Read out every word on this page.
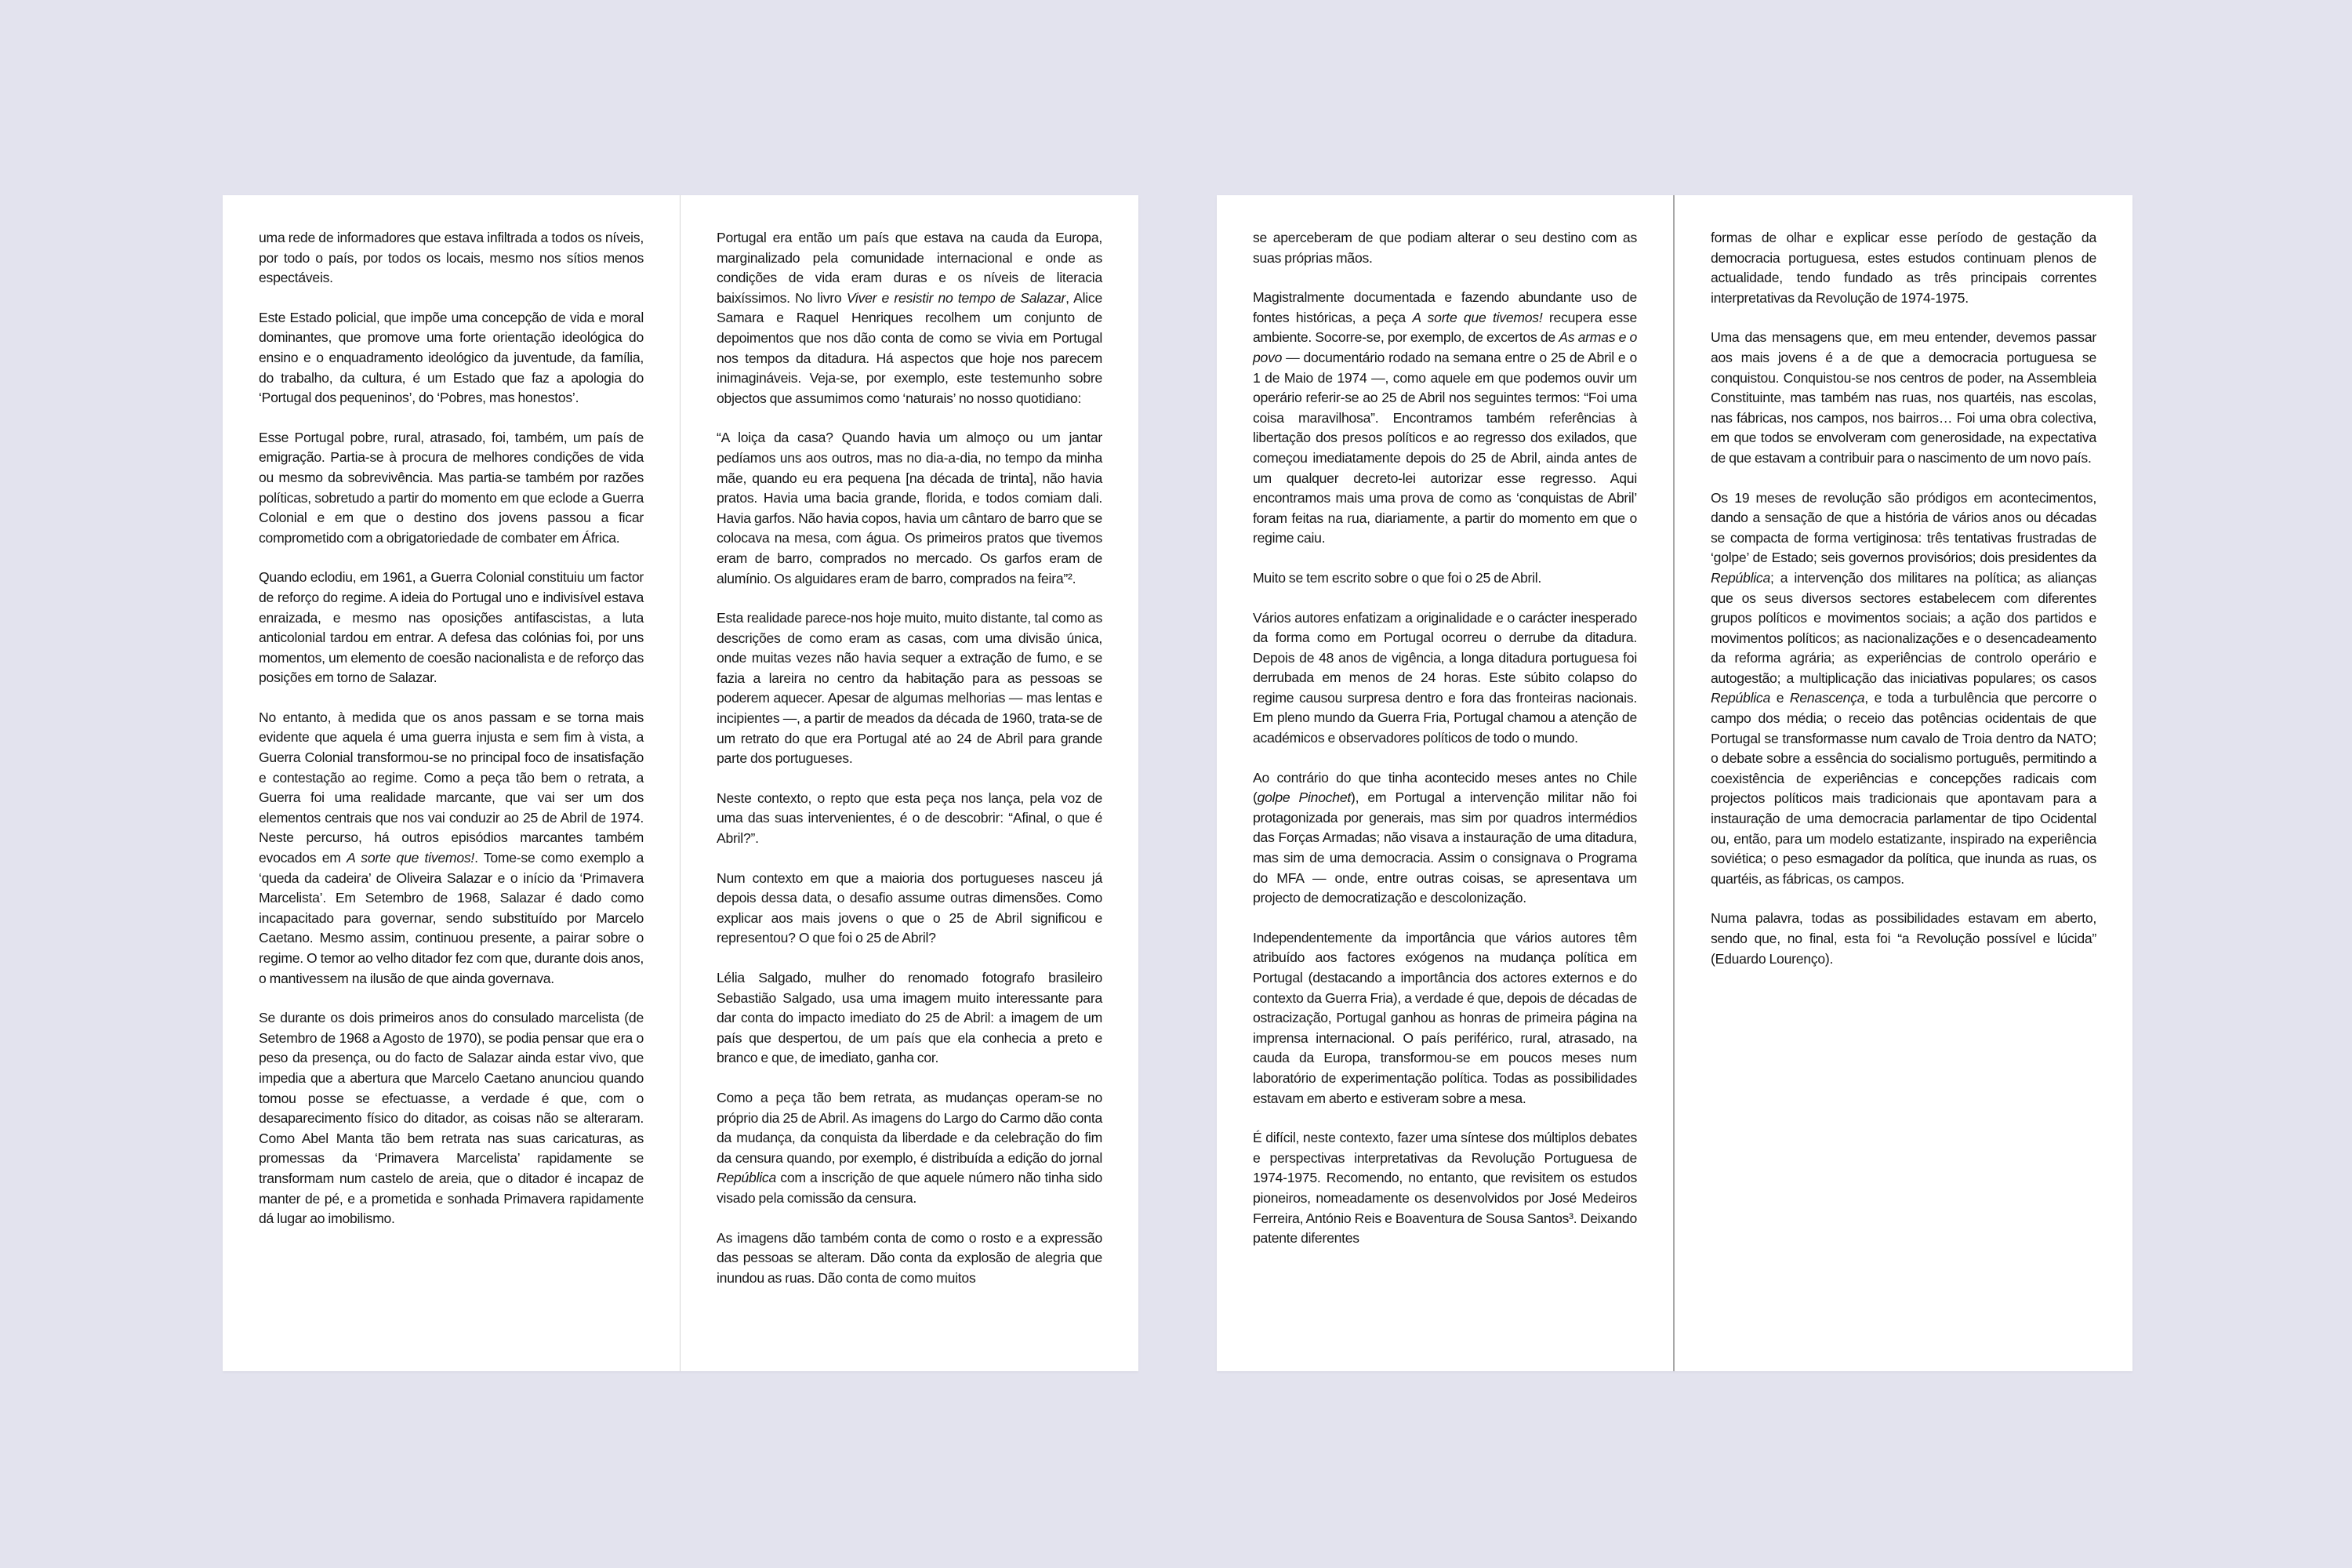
uma rede de informadores que estava infiltrada a todos os níveis, por todo o país, por todos os locais, mesmo nos sítios menos espectáveis.

Este Estado policial, que impõe uma concepção de vida e moral dominantes, que promove uma forte orientação ideológica do ensino e o enquadramento ideológico da juventude, da família, do trabalho, da cultura, é um Estado que faz a apologia do ‘Portugal dos pequeninos’, do ‘Pobres, mas honestos’.

Esse Portugal pobre, rural, atrasado, foi, também, um país de emigração. Partia-se à procura de melhores condições de vida ou mesmo da sobrevivência. Mas partia-se também por razões políticas, sobretudo a partir do momento em que eclode a Guerra Colonial e em que o destino dos jovens passou a ficar comprometido com a obrigatoriedade de combater em África.

Quando eclodiu, em 1961, a Guerra Colonial constituiu um factor de reforço do regime. A ideia do Portugal uno e indivisível estava enraizada, e mesmo nas oposições antifascistas, a luta anticolonial tardou em entrar. A defesa das colónias foi, por uns momentos, um elemento de coesão nacionalista e de reforço das posições em torno de Salazar.

No entanto, à medida que os anos passam e se torna mais evidente que aquela é uma guerra injusta e sem fim à vista, a Guerra Colonial transformou-se no principal foco de insatisfação e contestação ao regime. Como a peça tão bem o retrata, a Guerra foi uma realidade marcante, que vai ser um dos elementos centrais que nos vai conduzir ao 25 de Abril de 1974. Neste percurso, há outros episódios marcantes também evocados em A sorte que tivemos!. Tome-se como exemplo a ‘queda da cadeira’ de Oliveira Salazar e o início da ‘Primavera Marcelista’. Em Setembro de 1968, Salazar é dado como incapacitado para governar, sendo substituído por Marcelo Caetano. Mesmo assim, continuou presente, a pairar sobre o regime. O temor ao velho ditador fez com que, durante dois anos, o mantivessem na ilusão de que ainda governava.

Se durante os dois primeiros anos do consulado marcelista (de Setembro de 1968 a Agosto de 1970), se podia pensar que era o peso da presença, ou do facto de Salazar ainda estar vivo, que impedia que a abertura que Marcelo Caetano anunciou quando tomou posse se efectuasse, a verdade é que, com o desaparecimento físico do ditador, as coisas não se alteraram. Como Abel Manta tão bem retrata nas suas caricaturas, as promessas da ‘Primavera Marcelista’ rapidamente se transformam num castelo de areia, que o ditador é incapaz de manter de pé, e a prometida e sonhada Primavera rapidamente dá lugar ao imobilismo.

Portugal era então um país que estava na cauda da Europa, marginalizado pela comunidade internacional e onde as condições de vida eram duras e os níveis de literacia baixíssimos. No livro Viver e resistir no tempo de Salazar, Alice Samara e Raquel Henriques recolhem um conjunto de depoimentos que nos dão conta de como se vivia em Portugal nos tempos da ditadura. Há aspectos que hoje nos parecem inimagináveis. Veja-se, por exemplo, este testemunho sobre objectos que assumimos como ‘naturais’ no nosso quotidiano:

“A loiça da casa? Quando havia um almoço ou um jantar pedíamos uns aos outros, mas no dia-a-dia, no tempo da minha mãe, quando eu era pequena [na década de trinta], não havia pratos. Havia uma bacia grande, florida, e todos comiam dali. Havia garfos. Não havia copos, havia um cântaro de barro que se colocava na mesa, com água. Os primeiros pratos que tivemos eram de barro, comprados no mercado. Os garfos eram de alumínio. Os alguidares eram de barro, comprados na feira”².

Esta realidade parece-nos hoje muito, muito distante, tal como as descrições de como eram as casas, com uma divisão única, onde muitas vezes não havia sequer a extração de fumo, e se fazia a lareira no centro da habitação para as pessoas se poderem aquecer. Apesar de algumas melhorias — mas lentas e incipientes —, a partir de meados da década de 1960, trata-se de um retrato do que era Portugal até ao 24 de Abril para grande parte dos portugueses.

Neste contexto, o repto que esta peça nos lança, pela voz de uma das suas intervenientes, é o de descobrir: “Afinal, o que é Abril?”.

Num contexto em que a maioria dos portugueses nasceu já depois dessa data, o desafio assume outras dimensões. Como explicar aos mais jovens o que o 25 de Abril significou e representou? O que foi o 25 de Abril?

Lélia Salgado, mulher do renomado fotografo brasileiro Sebastião Salgado, usa uma imagem muito interessante para dar conta do impacto imediato do 25 de Abril: a imagem de um país que despertou, de um país que ela conhecia a preto e branco e que, de imediato, ganha cor.

Como a peça tão bem retrata, as mudanças operam-se no próprio dia 25 de Abril. As imagens do Largo do Carmo dão conta da mudança, da conquista da liberdade e da celebração do fim da censura quando, por exemplo, é distribuída a edição do jornal República com a inscrição de que aquele número não tinha sido visado pela comissão da censura.

As imagens dão também conta de como o rosto e a expressão das pessoas se alteram. Dão conta da explosão de alegria que inundou as ruas. Dão conta de como muitos

se aperceberam de que podiam alterar o seu destino com as suas próprias mãos.

Magistralmente documentada e fazendo abundante uso de fontes históricas, a peça A sorte que tivemos! recupera esse ambiente. Socorre-se, por exemplo, de excertos de As armas e o povo — documentário rodado na semana entre o 25 de Abril e o 1 de Maio de 1974 —, como aquele em que podemos ouvir um operário referir-se ao 25 de Abril nos seguintes termos: “Foi uma coisa maravilhosa”. Encontramos também referências à libertação dos presos políticos e ao regresso dos exilados, que começou imediatamente depois do 25 de Abril, ainda antes de um qualquer decreto-lei autorizar esse regresso. Aqui encontramos mais uma prova de como as ‘conquistas de Abril’ foram feitas na rua, diariamente, a partir do momento em que o regime caiu.

Muito se tem escrito sobre o que foi o 25 de Abril.

Vários autores enfatizam a originalidade e o carácter inesperado da forma como em Portugal ocorreu o derrube da ditadura. Depois de 48 anos de vigência, a longa ditadura portuguesa foi derrubada em menos de 24 horas. Este súbito colapso do regime causou surpresa dentro e fora das fronteiras nacionais. Em pleno mundo da Guerra Fria, Portugal chamou a atenção de académicos e observadores políticos de todo o mundo.

Ao contrário do que tinha acontecido meses antes no Chile (golpe Pinochet), em Portugal a intervenção militar não foi protagonizada por generais, mas sim por quadros intermédios das Forças Armadas; não visava a instauração de uma ditadura, mas sim de uma democracia. Assim o consignava o Programa do MFA — onde, entre outras coisas, se apresentava um projecto de democratização e descolonização.

Independentemente da importância que vários autores têm atribuído aos factores exógenos na mudança política em Portugal (destacando a importância dos actores externos e do contexto da Guerra Fria), a verdade é que, depois de décadas de ostracização, Portugal ganhou as honras de primeira página na imprensa internacional. O país periférico, rural, atrasado, na cauda da Europa, transformou-se em poucos meses num laboratório de experimentação política. Todas as possibilidades estavam em aberto e estiveram sobre a mesa.

É difícil, neste contexto, fazer uma síntese dos múltiplos debates e perspectivas interpretativas da Revolução Portuguesa de 1974-1975. Recomendo, no entanto, que revisitem os estudos pioneiros, nomeadamente os desenvolvidos por José Medeiros Ferreira, António Reis e Boaventura de Sousa Santos³. Deixando patente diferentes

formas de olhar e explicar esse período de gestação da democracia portuguesa, estes estudos continuam plenos de actualidade, tendo fundado as três principais correntes interpretativas da Revolução de 1974-1975.

Uma das mensagens que, em meu entender, devemos passar aos mais jovens é a de que a democracia portuguesa se conquistou. Conquistou-se nos centros de poder, na Assembleia Constituinte, mas também nas ruas, nos quartéis, nas escolas, nas fábricas, nos campos, nos bairros… Foi uma obra colectiva, em que todos se envolveram com generosidade, na expectativa de que estavam a contribuir para o nascimento de um novo país.

Os 19 meses de revolução são pródigos em acontecimentos, dando a sensação de que a história de vários anos ou décadas se compacta de forma vertiginosa: três tentativas frustradas de ‘golpe’ de Estado; seis governos provisórios; dois presidentes da República; a intervenção dos militares na política; as alianças que os seus diversos sectores estabelecem com diferentes grupos políticos e movimentos sociais; a ação dos partidos e movimentos políticos; as nacionalizações e o desencadeamento da reforma agrária; as experiências de controlo operário e autogestão; a multiplicação das iniciativas populares; os casos República e Renascença, e toda a turbulência que percorre o campo dos média; o receio das potências ocidentais de que Portugal se transformasse num cavalo de Troia dentro da NATO; o debate sobre a essência do socialismo português, permitindo a coexistência de experiências e concepções radicais com projectos políticos mais tradicionais que apontavam para a instauração de uma democracia parlamentar de tipo Ocidental ou, então, para um modelo estatizante, inspirado na experiência soviética; o peso esmagador da política, que inunda as ruas, os quartéis, as fábricas, os campos.

Numa palavra, todas as possibilidades estavam em aberto, sendo que, no final, esta foi “a Revolução possível e lúcida” (Eduardo Lourenço).
